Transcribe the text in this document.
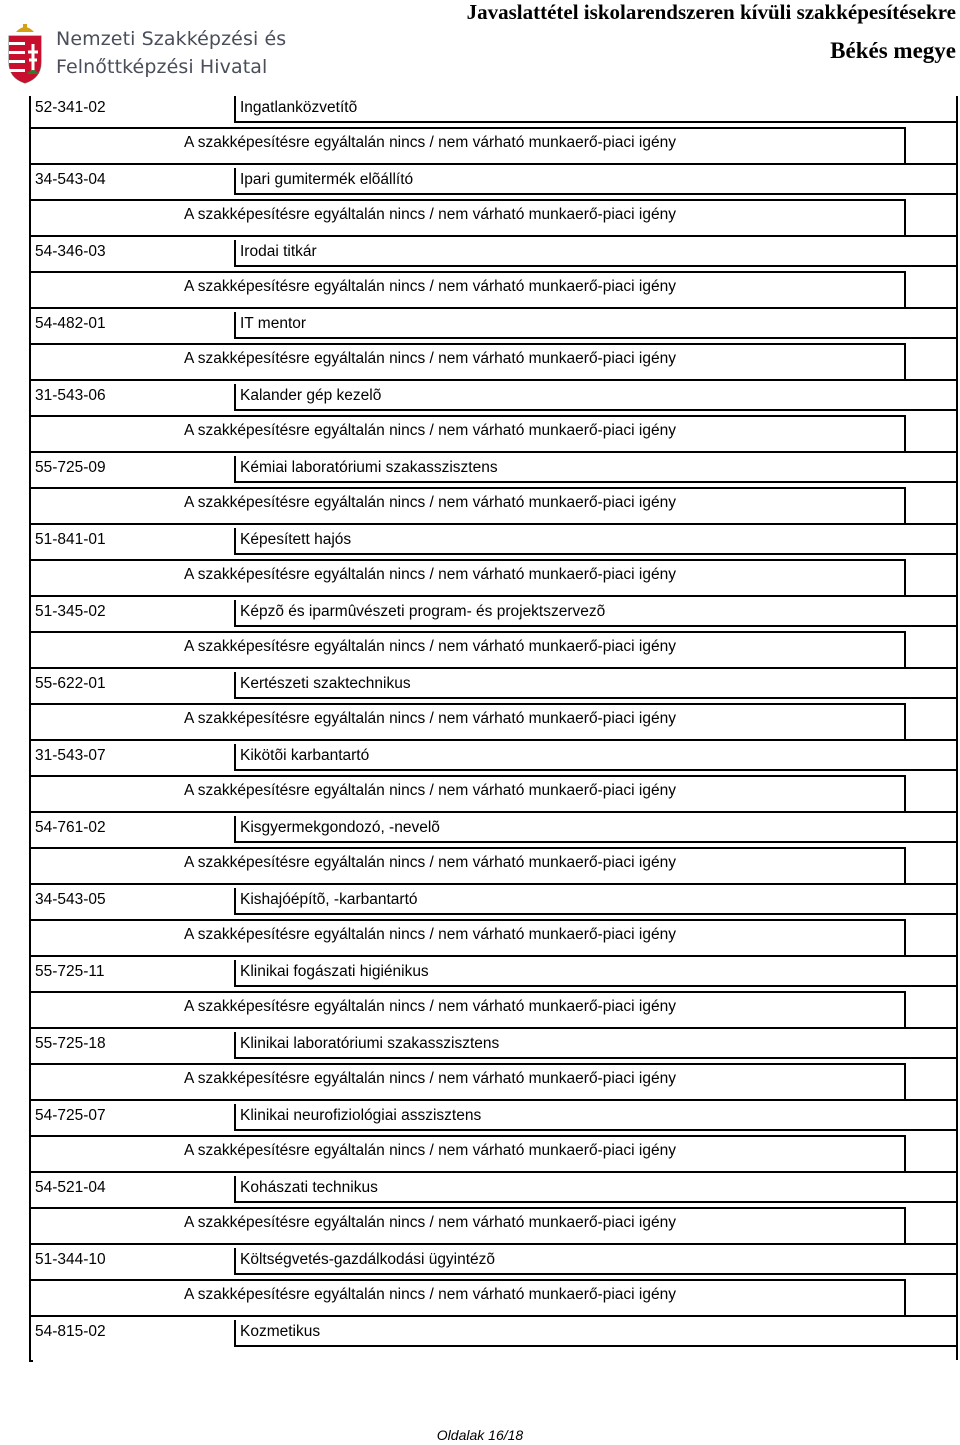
Nemzeti Szakképzési és
Felnőttképzési Hivatal
Javaslattétel iskolarendszeren kívüli szakképesítésekre
Békés megye
52-341-02	Ingatlanközvetítõ
A szakképesítésre egyáltalán nincs / nem várható munkaerő-piaci igény
34-543-04	Ipari gumitermék elõállító
A szakképesítésre egyáltalán nincs / nem várható munkaerő-piaci igény
54-346-03	Irodai titkár
A szakképesítésre egyáltalán nincs / nem várható munkaerő-piaci igény
54-482-01	IT mentor
A szakképesítésre egyáltalán nincs / nem várható munkaerő-piaci igény
31-543-06	Kalander gép kezelõ
A szakképesítésre egyáltalán nincs / nem várható munkaerő-piaci igény
55-725-09	Kémiai laboratóriumi szakasszisztens
A szakképesítésre egyáltalán nincs / nem várható munkaerő-piaci igény
51-841-01	Képesített hajós
A szakképesítésre egyáltalán nincs / nem várható munkaerő-piaci igény
51-345-02	Képzõ és iparmûvészeti program- és projektszervezõ
A szakképesítésre egyáltalán nincs / nem várható munkaerő-piaci igény
55-622-01	Kertészeti szaktechnikus
A szakképesítésre egyáltalán nincs / nem várható munkaerő-piaci igény
31-543-07	Kikötõi karbantartó
A szakképesítésre egyáltalán nincs / nem várható munkaerő-piaci igény
54-761-02	Kisgyermekgondozó, -nevelõ
A szakképesítésre egyáltalán nincs / nem várható munkaerő-piaci igény
34-543-05	Kishajóépítõ, -karbantartó
A szakképesítésre egyáltalán nincs / nem várható munkaerő-piaci igény
55-725-11	Klinikai fogászati higiénikus
A szakképesítésre egyáltalán nincs / nem várható munkaerő-piaci igény
55-725-18	Klinikai laboratóriumi szakasszisztens
A szakképesítésre egyáltalán nincs / nem várható munkaerő-piaci igény
54-725-07	Klinikai neurofiziológiai asszisztens
A szakképesítésre egyáltalán nincs / nem várható munkaerő-piaci igény
54-521-04	Kohászati technikus
A szakképesítésre egyáltalán nincs / nem várható munkaerő-piaci igény
51-344-10	Költségvetés-gazdálkodási ügyintézõ
A szakképesítésre egyáltalán nincs / nem várható munkaerő-piaci igény
54-815-02	Kozmetikus
Oldalak 16/18
